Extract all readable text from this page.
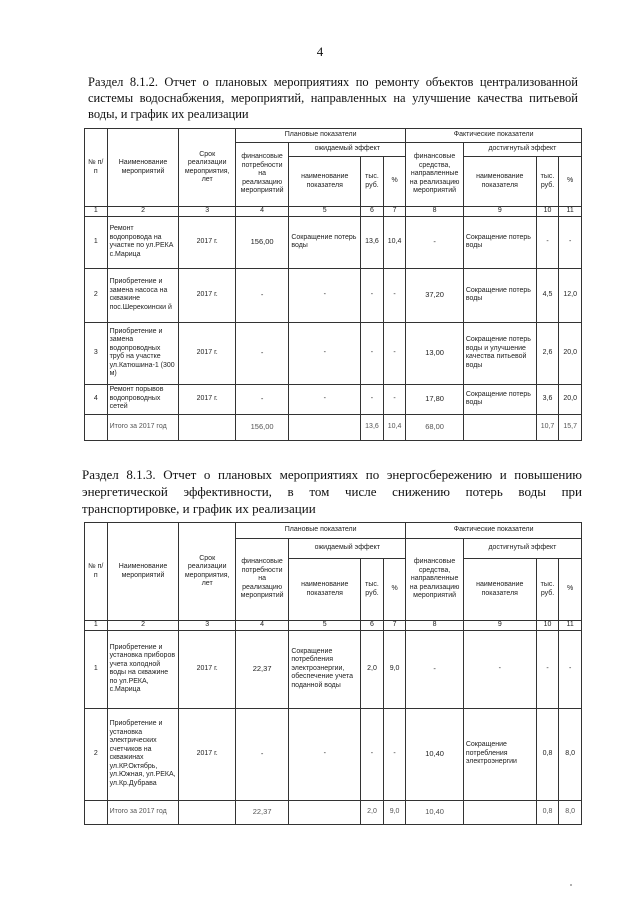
4
Раздел 8.1.2. Отчет о плановых мероприятиях по ремонту объектов централизованной системы водоснабжения, мероприятий, направленных на улучшение качества питьевой воды, и график их реализации
№ п/п	Наименование мероприятий	Срок реализации мероприятия, лет	Плановые показатели				Фактические показатели			
			финансовые потребности на реализацию мероприятий	ожидаемый эффект			финансовые средства, направленные на реализацию мероприятий	достигнутый эффект		
				наименование показателя	тыс. руб.	%		наименование показателя	тыс. руб.	%
1	2	3	4	5	6	7	8	9	10	11
1	Ремонт водопровода на участке по ул.РЕКА с.Марица	2017 г.	156,00	Сокращение потерь воды	13,6	10,4	-	Сокращение потерь воды	-	-
2	Приобретение и замена насоса на скважине пос.Шерекоински й	2017 г.	-	-	-	-	37,20	Сокращение потерь воды	4,5	12,0
3	Приобретение и замена водопроводных труб на участке ул.Катюшина-1 (300 м)	2017 г.	-	-	-	-	13,00	Сокращение потерь воды и улучшение качества питьевой воды	2,6	20,0
4	Ремонт порывов водопроводных сетей	2017 г.	-	-	-	-	17,80	Сокращение потерь воды	3,6	20,0
	Итого за 2017 год		156,00		13,6	10,4	68,00		10,7	15,7
Раздел 8.1.3. Отчет о плановых мероприятиях по энергосбережению и повышению энергетической эффективности, в том числе снижению потерь воды при транспортировке, и график их реализации
№ п/п	Наименование мероприятий	Срок реализации мероприятия, лет	Плановые показатели				Фактические показатели			
			финансовые потребности на реализацию мероприятий	ожидаемый эффект			финансовые средства, направленные на реализацию мероприятий	достигнутый эффект		
				наименование показателя	тыс. руб.	%		наименование показателя	тыс. руб.	%
1	2	3	4	5	6	7	8	9	10	11
1	Приобретение и установка приборов учета холодной воды на скважине по ул.РЕКА, с.Марица	2017 г.	22,37	Сокращение потребления электроэнергии, обеспечение учета поданной воды	2,0	9,0	-	-	-	-
2	Приобретение и установка электрических счетчиков на скважинах ул.КР.Октябрь, ул.Южная, ул.РЕКА, ул.Кр.Дубрава	2017 г.	-	-	-	-	10,40	Сокращение потребления электроэнергии	0,8	8,0
	Итого за 2017 год		22,37		2,0	9,0	10,40		0,8	8,0
